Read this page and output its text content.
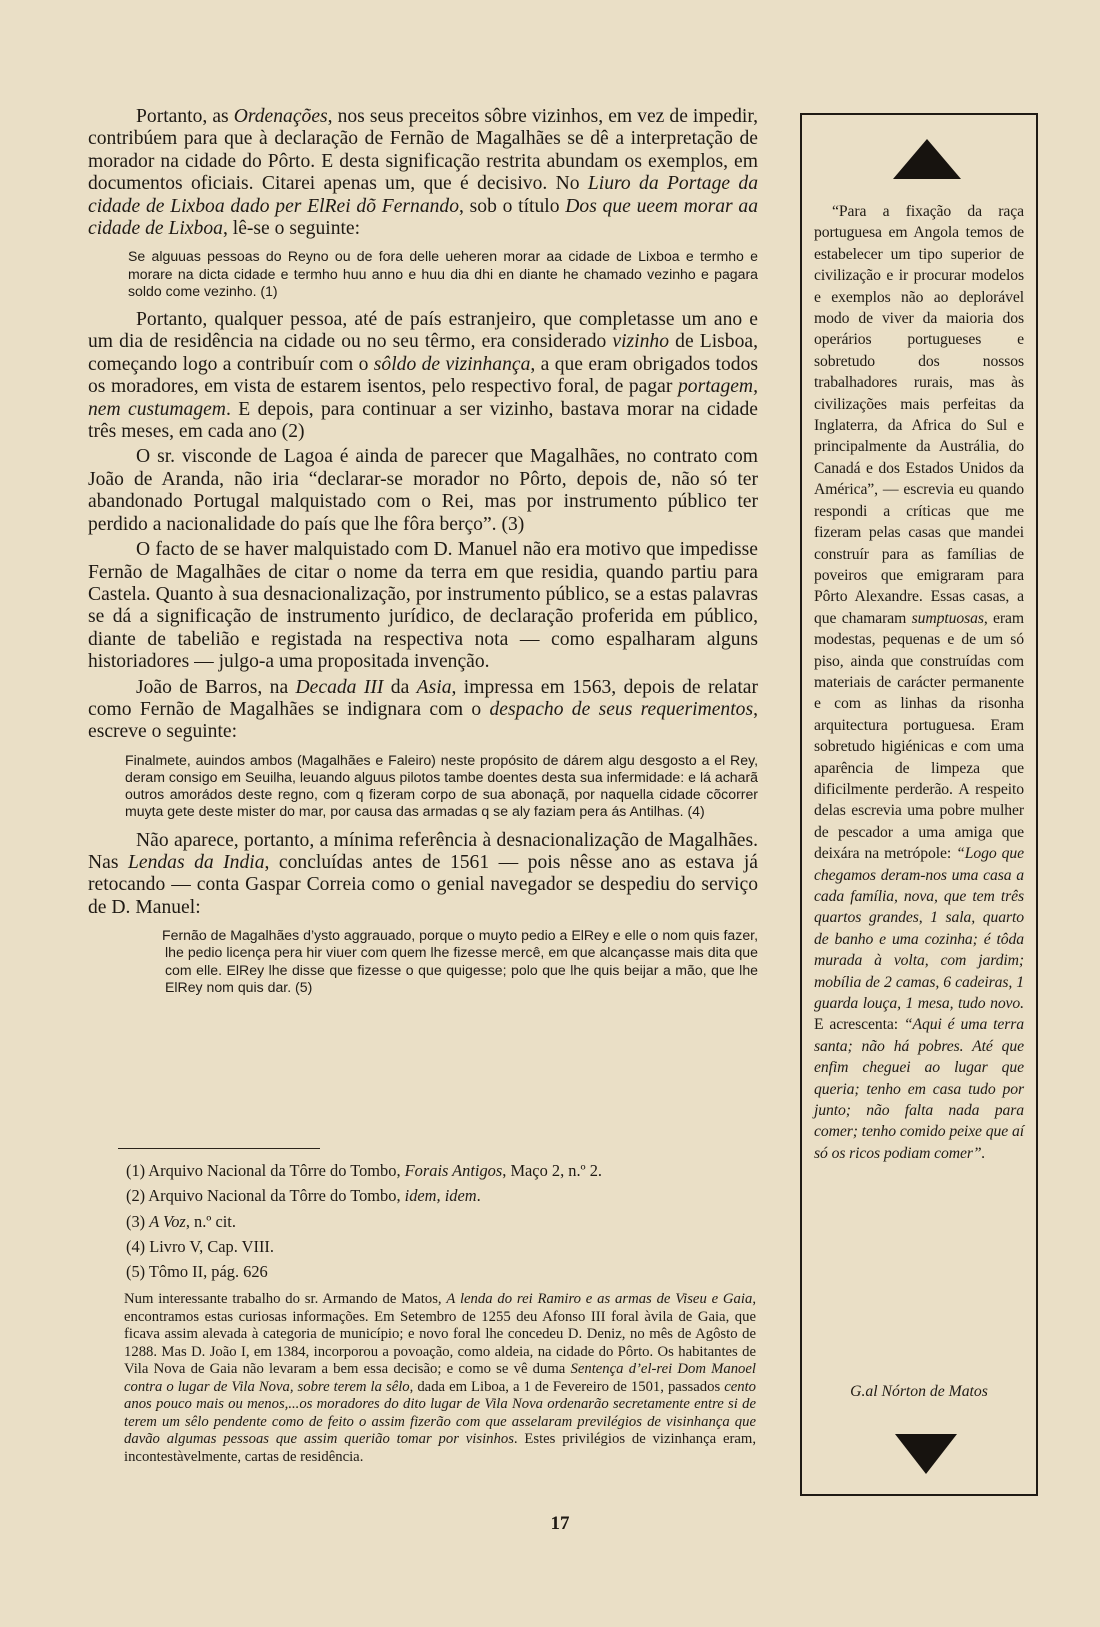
Portanto, as Ordenações, nos seus preceitos sôbre vizinhos, em vez de impedir, contribúem para que à declaração de Fernão de Magalhães se dê a interpretação de morador na cidade do Pôrto. E desta significação restrita abundam os exemplos, em documentos oficiais. Citarei apenas um, que é decisivo. No Liuro da Portage da cidade de Lixboa dado per ElRei dõ Fernando, sob o título Dos que ueem morar aa cidade de Lixboa, lê-se o seguinte:

Se alguuas pessoas do Reyno ou de fora delle ueheren morar aa cidade de Lixboa e termho e morare na dicta cidade e termho huu anno e huu dia dhi en diante he chamado vezinho e pagara soldo come vezinho. (1)

Portanto, qualquer pessoa, até de país estranjeiro, que completasse um ano e um dia de residência na cidade ou no seu têrmo, era considerado vizinho de Lisboa, começando logo a contribuír com o sôldo de vizinhança, a que eram obrigados todos os moradores, em vista de estarem isentos, pelo respectivo foral, de pagar portagem, nem custumagem. E depois, para continuar a ser vizinho, bastava morar na cidade três meses, em cada ano (2)

O sr. visconde de Lagoa é ainda de parecer que Magalhães, no contrato com João de Aranda, não iria “declarar-se morador no Pôrto, depois de, não só ter abandonado Portugal malquistado com o Rei, mas por instrumento público ter perdido a nacionalidade do país que lhe fôra berço”. (3)

O facto de se haver malquistado com D. Manuel não era motivo que impedisse Fernão de Magalhães de citar o nome da terra em que residia, quando partiu para Castela. Quanto à sua desnacionalização, por instrumento público, se a estas palavras se dá a significação de instrumento jurídico, de declaração proferida em público, diante de tabelião e registada na respectiva nota — como espalharam alguns historiadores — julgo-a uma propositada invenção.

João de Barros, na Decada III da Asia, impressa em 1563, depois de relatar como Fernão de Magalhães se indignara com o despacho de seus requerimentos, escreve o seguinte:

Finalmete, auindos ambos (Magalhães e Faleiro) neste propósito de dárem algu desgosto a el Rey, deram consigo em Seuilha, leuando alguus pilotos tambe doentes desta sua infermidade: e lá acharã outros amorádos deste regno, com q fizeram corpo de sua abonaçã, por naquella cidade cõcorrer muyta gete deste mister do mar, por causa das armadas q se aly faziam pera ás Antilhas. (4)

Não aparece, portanto, a mínima referência à desnacionalização de Magalhães. Nas Lendas da India, concluídas antes de 1561 — pois nêsse ano as estava já retocando — conta Gaspar Correia como o genial navegador se despediu do serviço de D. Manuel:

Fernão de Magalhães d’ysto aggrauado, porque o muyto pedio a ElRey e elle o nom quis fazer, lhe pedio licença pera hir viuer com quem lhe fizesse mercê, em que alcançasse mais dita que com elle. ElRey lhe disse que fizesse o que quigesse; polo que lhe quis beijar a mão, que lhe ElRey nom quis dar. (5)
(1) Arquivo Nacional da Tôrre do Tombo, Forais Antigos, Maço 2, n.º 2.
(2) Arquivo Nacional da Tôrre do Tombo, idem, idem.
(3) A Voz, n.º cit.
(4) Livro V, Cap. VIII.
(5) Tômo II, pág. 626
Num interessante trabalho do sr. Armando de Matos, A lenda do rei Ramiro e as armas de Viseu e Gaia, encontramos estas curiosas informações. Em Setembro de 1255 deu Afonso III foral àvila de Gaia, que ficava assim alevada à categoria de município; e novo foral lhe concedeu D. Deniz, no mês de Agôsto de 1288. Mas D. João I, em 1384, incorporou a povoação, como aldeia, na cidade do Pôrto. Os habitantes de Vila Nova de Gaia não levaram a bem essa decisão; e como se vê duma Sentença d’el-rei Dom Manoel contra o lugar de Vila Nova, sobre terem la sêlo, dada em Liboa, a 1 de Fevereiro de 1501, passados cento anos pouco mais ou menos,...os moradores do dito lugar de Vila Nova ordenarão secretamente entre si de terem um sêlo pendente como de feito o assim fizerão com que asselaram previlégios de visinhança que davão algumas pessoas que assim querião tomar por visinhos. Estes privilégios de vizinhança eram, incontestàvelmente, cartas de residência.
17

“Para a fixação da raça portuguesa em Angola temos de estabelecer um tipo superior de civilização e ir procurar modelos e exemplos não ao deplorável modo de viver da maioria dos operários portugueses e sobretudo dos nossos trabalhadores rurais, mas às civilizações mais perfeitas da Inglaterra, da Africa do Sul e principalmente da Austrália, do Canadá e dos Estados Unidos da América”, — escrevia eu quando respondi a críticas que me fizeram pelas casas que mandei construír para as famílias de poveiros que emigraram para Pôrto Alexandre. Essas casas, a que chamaram sumptuosas, eram modestas, pequenas e de um só piso, ainda que construídas com materiais de carácter permanente e com as linhas da risonha arquitectura portuguesa. Eram sobretudo higiénicas e com uma aparência de limpeza que dificilmente perderão. A respeito delas escrevia uma pobre mulher de pescador a uma amiga que deixára na metrópole: “Logo que chegamos deram-nos uma casa a cada família, nova, que tem três quartos grandes, 1 sala, quarto de banho e uma cozinha; é tôda murada à volta, com jardim; mobília de 2 camas, 6 cadeiras, 1 guarda louça, 1 mesa, tudo novo. E acrescenta: “Aqui é uma terra santa; não há pobres. Até que enfim cheguei ao lugar que queria; tenho em casa tudo por junto; não falta nada para comer; tenho comido peixe que aí só os ricos podiam comer”.

G.al Nórton de Matos
